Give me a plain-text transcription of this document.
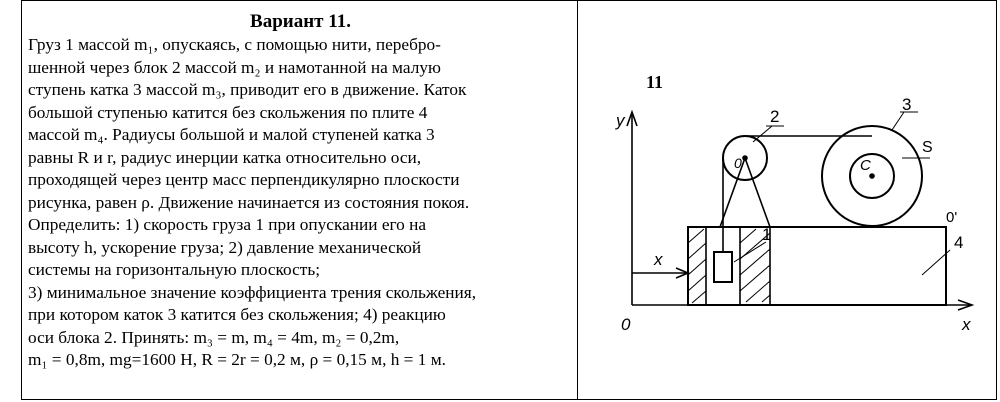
Вариант 11.

Груз 1 массой m₁, опускаясь, с помощью нити, перебро-

шенной через блок 2 массой m₂ и намотанной на малую

ступень катка 3 массой m₃, приводит его в движение. Каток

большой ступенью катится без скольжения по плите 4

массой m₄. Радиусы большой и малой ступеней катка 3

равны R и r, радиус инерции катка относительно оси,

проходящей через центр масс перпендикулярно плоскости

рисунка, равен ρ. Движение начинается из состояния покоя.

Определить: 1) скорость груза 1 при опускании его на

высоту h, ускорение груза; 2) давление механической

системы на горизонтальную плоскость;

3) минимальное значение коэффициента трения скольжения,

при котором каток 3 катится без скольжения; 4) реакцию

оси блока 2. Принять: m₃ = m, m₄ = 4m, m₂ = 0,2m,

m₁ = 0,8m, mg=1600 H, R = 2r = 0,2 м, ρ = 0,15 м, h = 1 м.

11
y
x
0
0'
x
2
3
4
1
S
C
0
